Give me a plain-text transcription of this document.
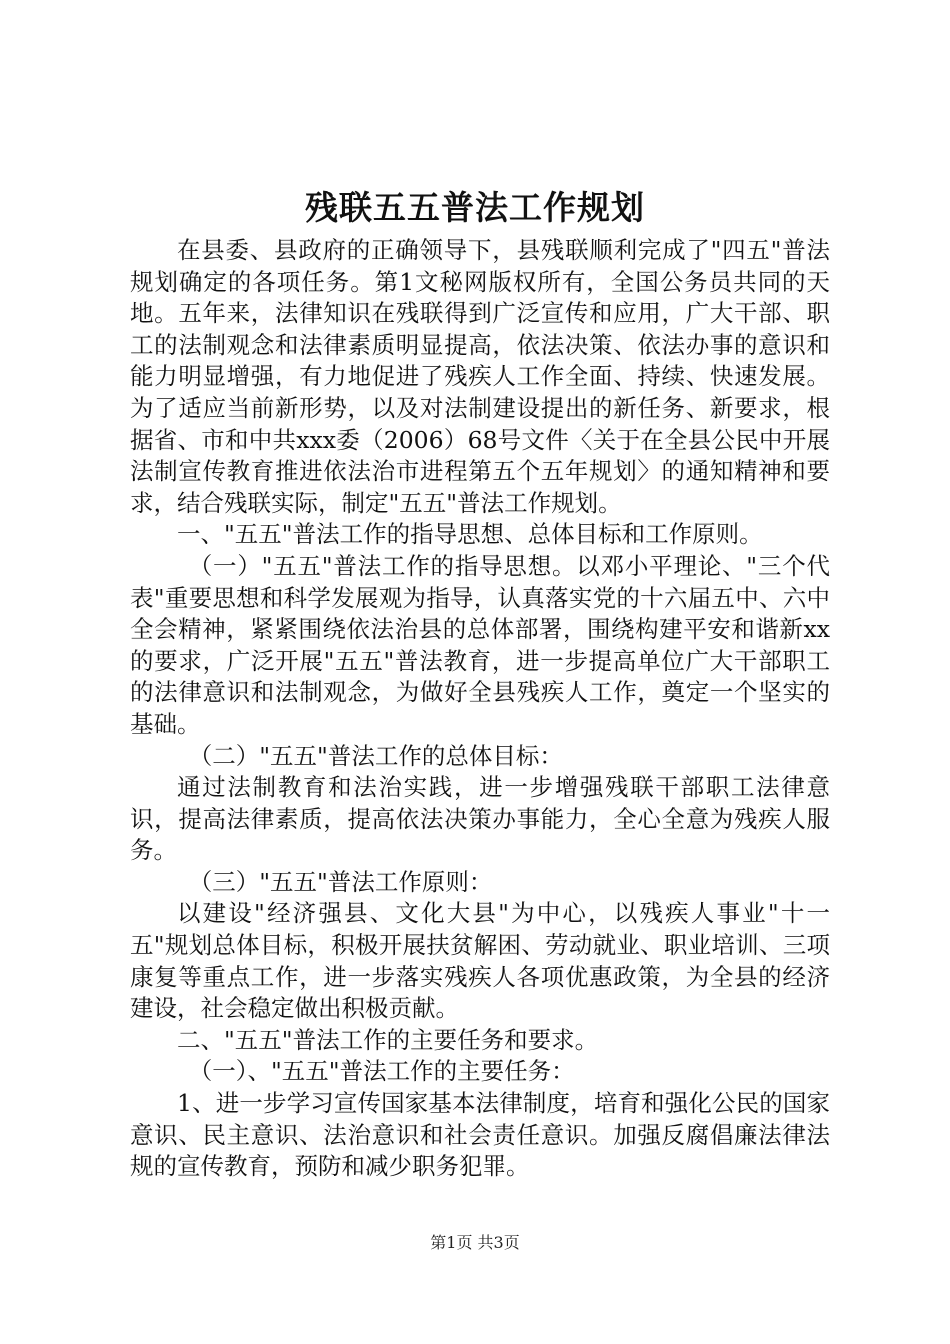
残联五五普法工作规划

在县委、县政府的正确领导下，县残联顺利完成了"四五"普法规划确定的各项任务。第1文秘网版权所有，全国公务员共同的天地。五年来，法律知识在残联得到广泛宣传和应用，广大干部、职工的法制观念和法律素质明显提高，依法决策、依法办事的意识和能力明显增强，有力地促进了残疾人工作全面、持续、快速发展。为了适应当前新形势，以及对法制建设提出的新任务、新要求，根据省、市和中共xxx委（2006）68号文件〈关于在全县公民中开展法制宣传教育推进依法治市进程第五个五年规划〉的通知精神和要求，结合残联实际，制定"五五"普法工作规划。

一、"五五"普法工作的指导思想、总体目标和工作原则。

（一）"五五"普法工作的指导思想。以邓小平理论、"三个代表"重要思想和科学发展观为指导，认真落实党的十六届五中、六中全会精神，紧紧围绕依法治县的总体部署，围绕构建平安和谐新xx的要求，广泛开展"五五"普法教育，进一步提高单位广大干部职工的法律意识和法制观念，为做好全县残疾人工作，奠定一个坚实的基础。

（二）"五五"普法工作的总体目标：

通过法制教育和法治实践，进一步增强残联干部职工法律意识，提高法律素质，提高依法决策办事能力，全心全意为残疾人服务。

（三）"五五"普法工作原则：

以建设"经济强县、文化大县"为中心，以残疾人事业"十一五"规划总体目标，积极开展扶贫解困、劳动就业、职业培训、三项康复等重点工作，进一步落实残疾人各项优惠政策，为全县的经济建设，社会稳定做出积极贡献。

二、"五五"普法工作的主要任务和要求。

（一）、"五五"普法工作的主要任务：

1、进一步学习宣传国家基本法律制度，培育和强化公民的国家意识、民主意识、法治意识和社会责任意识。加强反腐倡廉法律法规的宣传教育，预防和减少职务犯罪。

第1页 共3页
